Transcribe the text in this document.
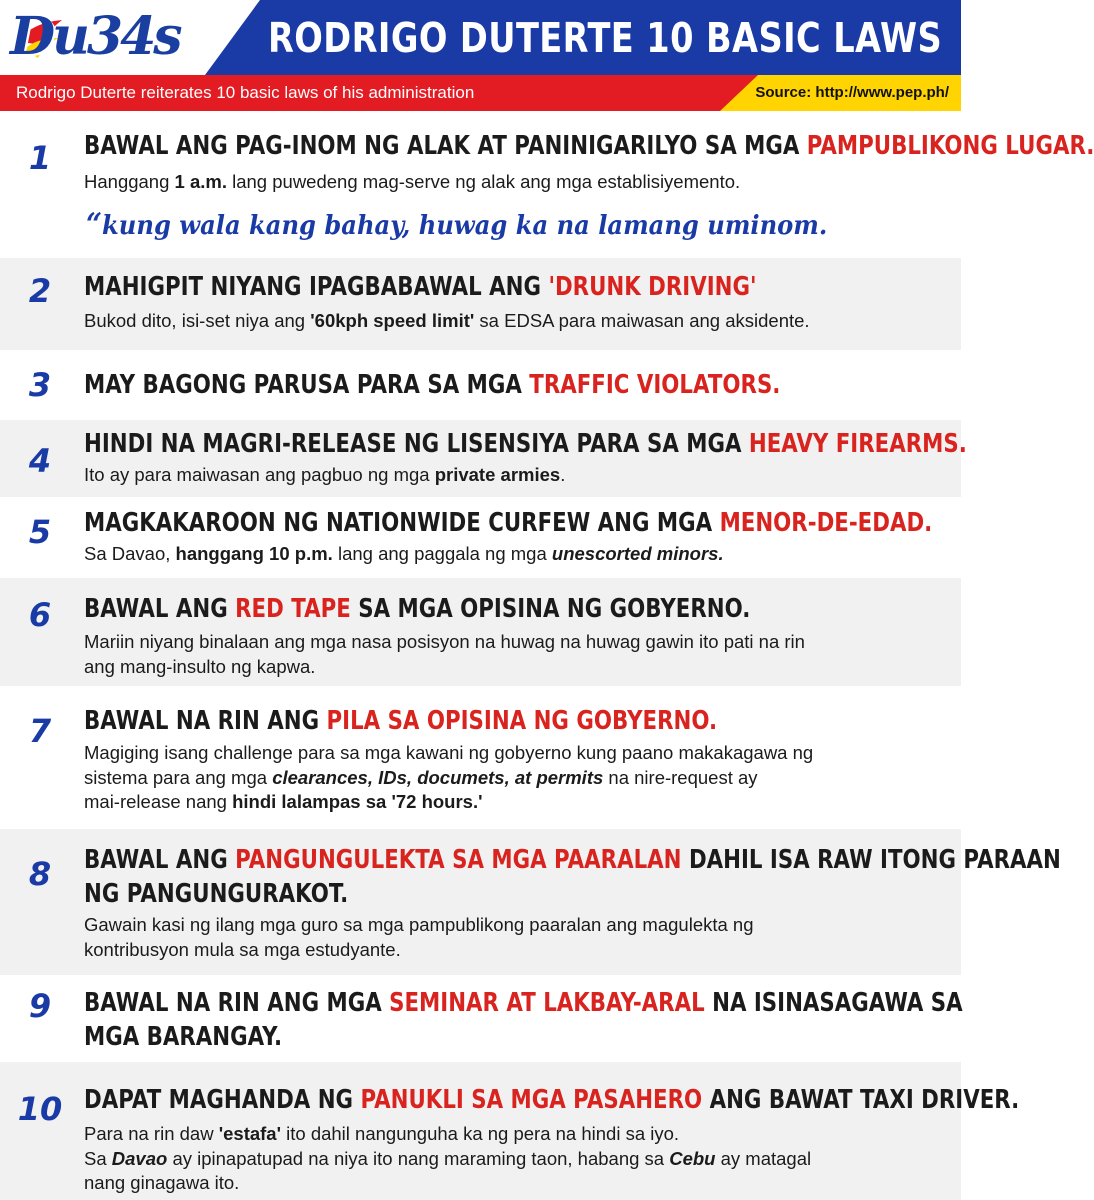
Du34s RODRIGO DUTERTE 10 BASIC LAWS
Rodrigo Duterte reiterates 10 basic laws of his administration	Source: http://www.pep.ph/
1	BAWAL ANG PAG-INOM NG ALAK AT PANINIGARILYO SA MGA PAMPUBLIKONG LUGAR.
Hanggang 1 a.m. lang puwedeng mag-serve ng alak ang mga establisiyemento.
“kung wala kang bahay, huwag ka na lamang uminom.
2	MAHIGPIT NIYANG IPAGBABAWAL ANG 'DRUNK DRIVING'
Bukod dito, isi-set niya ang '60kph speed limit' sa EDSA para maiwasan ang aksidente.
3	MAY BAGONG PARUSA PARA SA MGA TRAFFIC VIOLATORS.
4	HINDI NA MAGRI-RELEASE NG LISENSIYA PARA SA MGA HEAVY FIREARMS.
Ito ay para maiwasan ang pagbuo ng mga private armies.
5	MAGKAKAROON NG NATIONWIDE CURFEW ANG MGA MENOR-DE-EDAD.
Sa Davao, hanggang 10 p.m. lang ang paggala ng mga unescorted minors.
6	BAWAL ANG RED TAPE SA MGA OPISINA NG GOBYERNO.
Mariin niyang binalaan ang mga nasa posisyon na huwag na huwag gawin ito pati na rin
ang mang-insulto ng kapwa.
7	BAWAL NA RIN ANG PILA SA OPISINA NG GOBYERNO.
Magiging isang challenge para sa mga kawani ng gobyerno kung paano makakagawa ng
sistema para ang mga clearances, IDs, documets, at permits na nire-request ay
mai-release nang hindi lalampas sa '72 hours.'
8	BAWAL ANG PANGUNGULEKTA SA MGA PAARALAN DAHIL ISA RAW ITONG PARAAN
NG PANGUNGURAKOT.
Gawain kasi ng ilang mga guro sa mga pampublikong paaralan ang magulekta ng
kontribusyon mula sa mga estudyante.
9	BAWAL NA RIN ANG MGA SEMINAR AT LAKBAY-ARAL NA ISINASAGAWA SA
MGA BARANGAY.
10 DAPAT MAGHANDA NG PANUKLI SA MGA PASAHERO ANG BAWAT TAXI DRIVER.
Para na rin daw 'estafa' ito dahil nangunguha ka ng pera na hindi sa iyo.
Sa Davao ay ipinapatupad na niya ito nang maraming taon, habang sa Cebu ay matagal
nang ginagawa ito.
